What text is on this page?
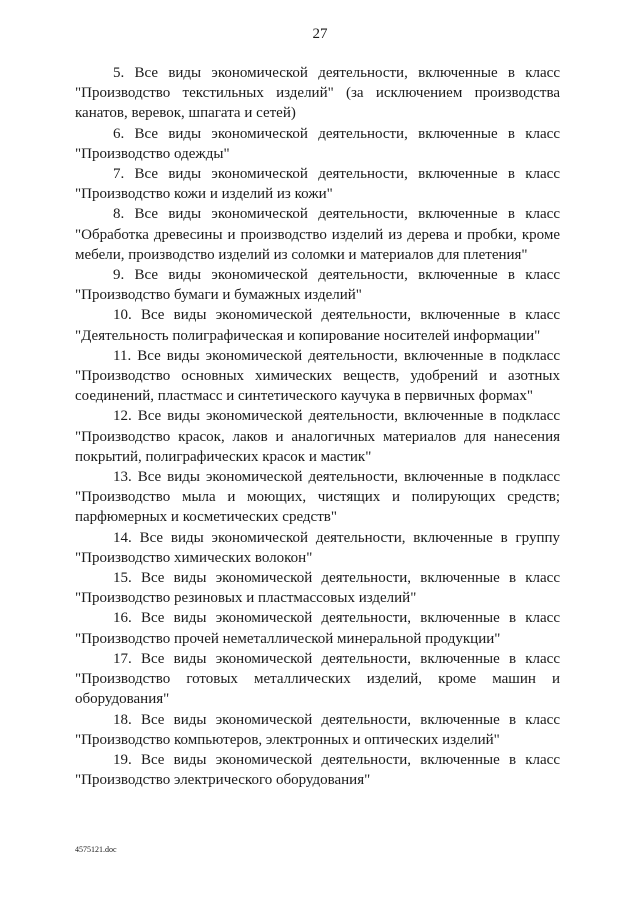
27
5. Все виды экономической деятельности, включенные в класс
"Производство текстильных изделий" (за исключением производства
канатов, веревок, шпагата и сетей)
6. Все виды экономической деятельности, включенные в класс
"Производство одежды"
7. Все виды экономической деятельности, включенные в класс
"Производство кожи и изделий из кожи"
8. Все виды экономической деятельности, включенные в класс
"Обработка древесины и производство изделий из дерева и пробки, кроме
мебели, производство изделий из соломки и материалов для плетения"
9. Все виды экономической деятельности, включенные в класс
"Производство бумаги и бумажных изделий"
10. Все виды экономической деятельности, включенные в класс
"Деятельность полиграфическая и копирование носителей информации"
11. Все виды экономической деятельности, включенные в подкласс
"Производство основных химических веществ, удобрений и азотных
соединений, пластмасс и синтетического каучука в первичных формах"
12. Все виды экономической деятельности, включенные в подкласс
"Производство красок, лаков и аналогичных материалов для нанесения
покрытий, полиграфических красок и мастик"
13. Все виды экономической деятельности, включенные в подкласс
"Производство мыла и моющих, чистящих и полирующих средств;
парфюмерных и косметических средств"
14. Все виды экономической деятельности, включенные в группу
"Производство химических волокон"
15. Все виды экономической деятельности, включенные в класс
"Производство резиновых и пластмассовых изделий"
16. Все виды экономической деятельности, включенные в класс
"Производство прочей неметаллической минеральной продукции"
17. Все виды экономической деятельности, включенные в класс
"Производство готовых металлических изделий, кроме машин и
оборудования"
18. Все виды экономической деятельности, включенные в класс
"Производство компьютеров, электронных и оптических изделий"
19. Все виды экономической деятельности, включенные в класс
"Производство электрического оборудования"
4575121.doc
